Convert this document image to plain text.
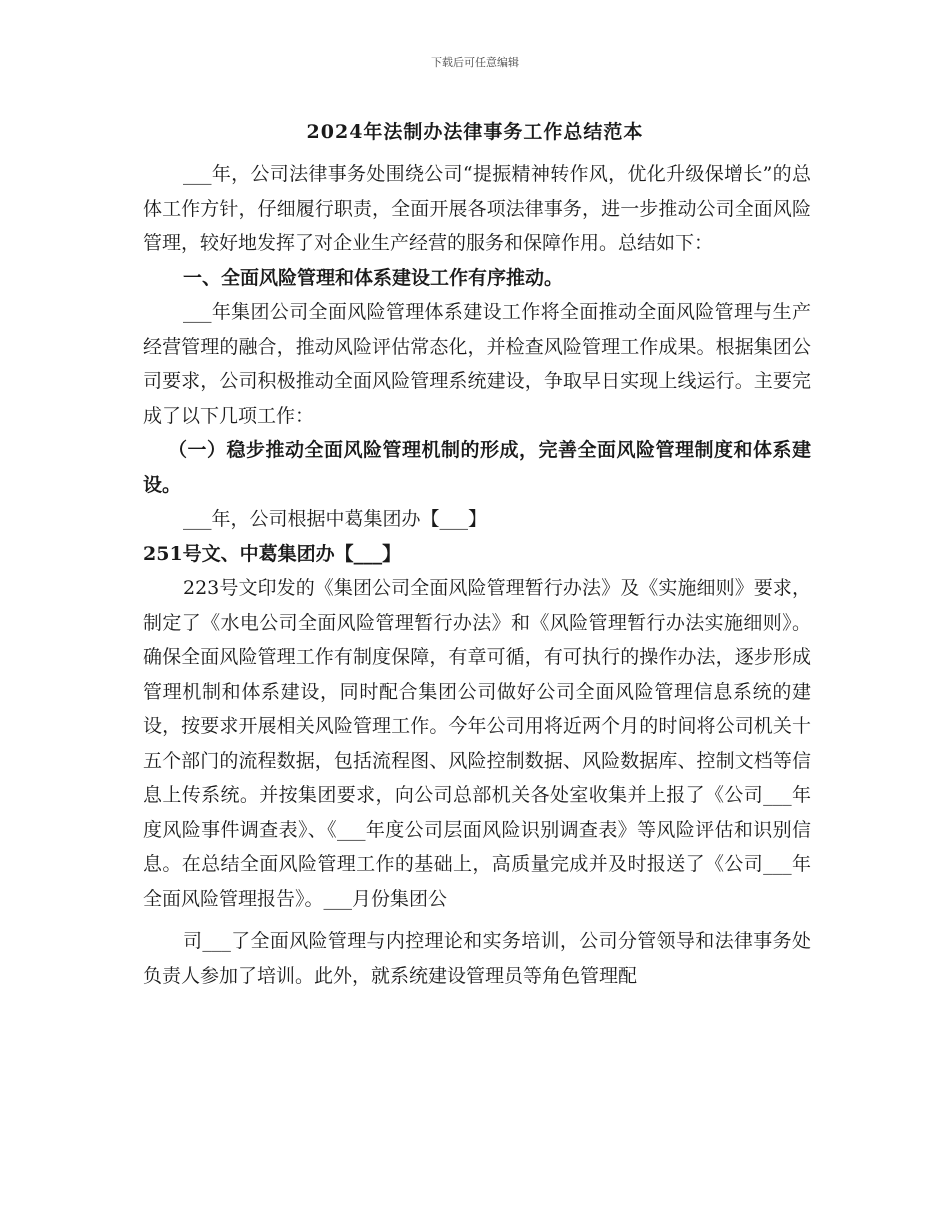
下载后可任意编辑
2024年法制办法律事务工作总结范本

___年，公司法律事务处围绕公司“提振精神转作风，优化升级保增长”的总体工作方针，仔细履行职责，全面开展各项法律事务，进一步推动公司全面风险管理，较好地发挥了对企业生产经营的服务和保障作用。总结如下：

一、全面风险管理和体系建设工作有序推动。

___年集团公司全面风险管理体系建设工作将全面推动全面风险管理与生产经营管理的融合，推动风险评估常态化，并检查风险管理工作成果。根据集团公司要求，公司积极推动全面风险管理系统建设，争取早日实现上线运行。主要完成了以下几项工作：

（一）稳步推动全面风险管理机制的形成，完善全面风险管理制度和体系建设。

___年，公司根据中葛集团办【___】

251号文、中葛集团办【___】

223号文印发的《集团公司全面风险管理暂行办法》及《实施细则》要求，制定了《水电公司全面风险管理暂行办法》和《风险管理暂行办法实施细则》。确保全面风险管理工作有制度保障，有章可循，有可执行的操作办法，逐步形成管理机制和体系建设，同时配合集团公司做好公司全面风险管理信息系统的建设，按要求开展相关风险管理工作。今年公司用将近两个月的时间将公司机关十五个部门的流程数据，包括流程图、风险控制数据、风险数据库、控制文档等信息上传系统。并按集团要求，向公司总部机关各处室收集并上报了《公司___年度风险事件调查表》、《___年度公司层面风险识别调查表》等风险评估和识别信息。在总结全面风险管理工作的基础上，高质量完成并及时报送了《公司___年全面风险管理报告》。___月份集团公

司___了全面风险管理与内控理论和实务培训，公司分管领导和法律事务处负责人参加了培训。此外，就系统建设管理员等角色管理配
